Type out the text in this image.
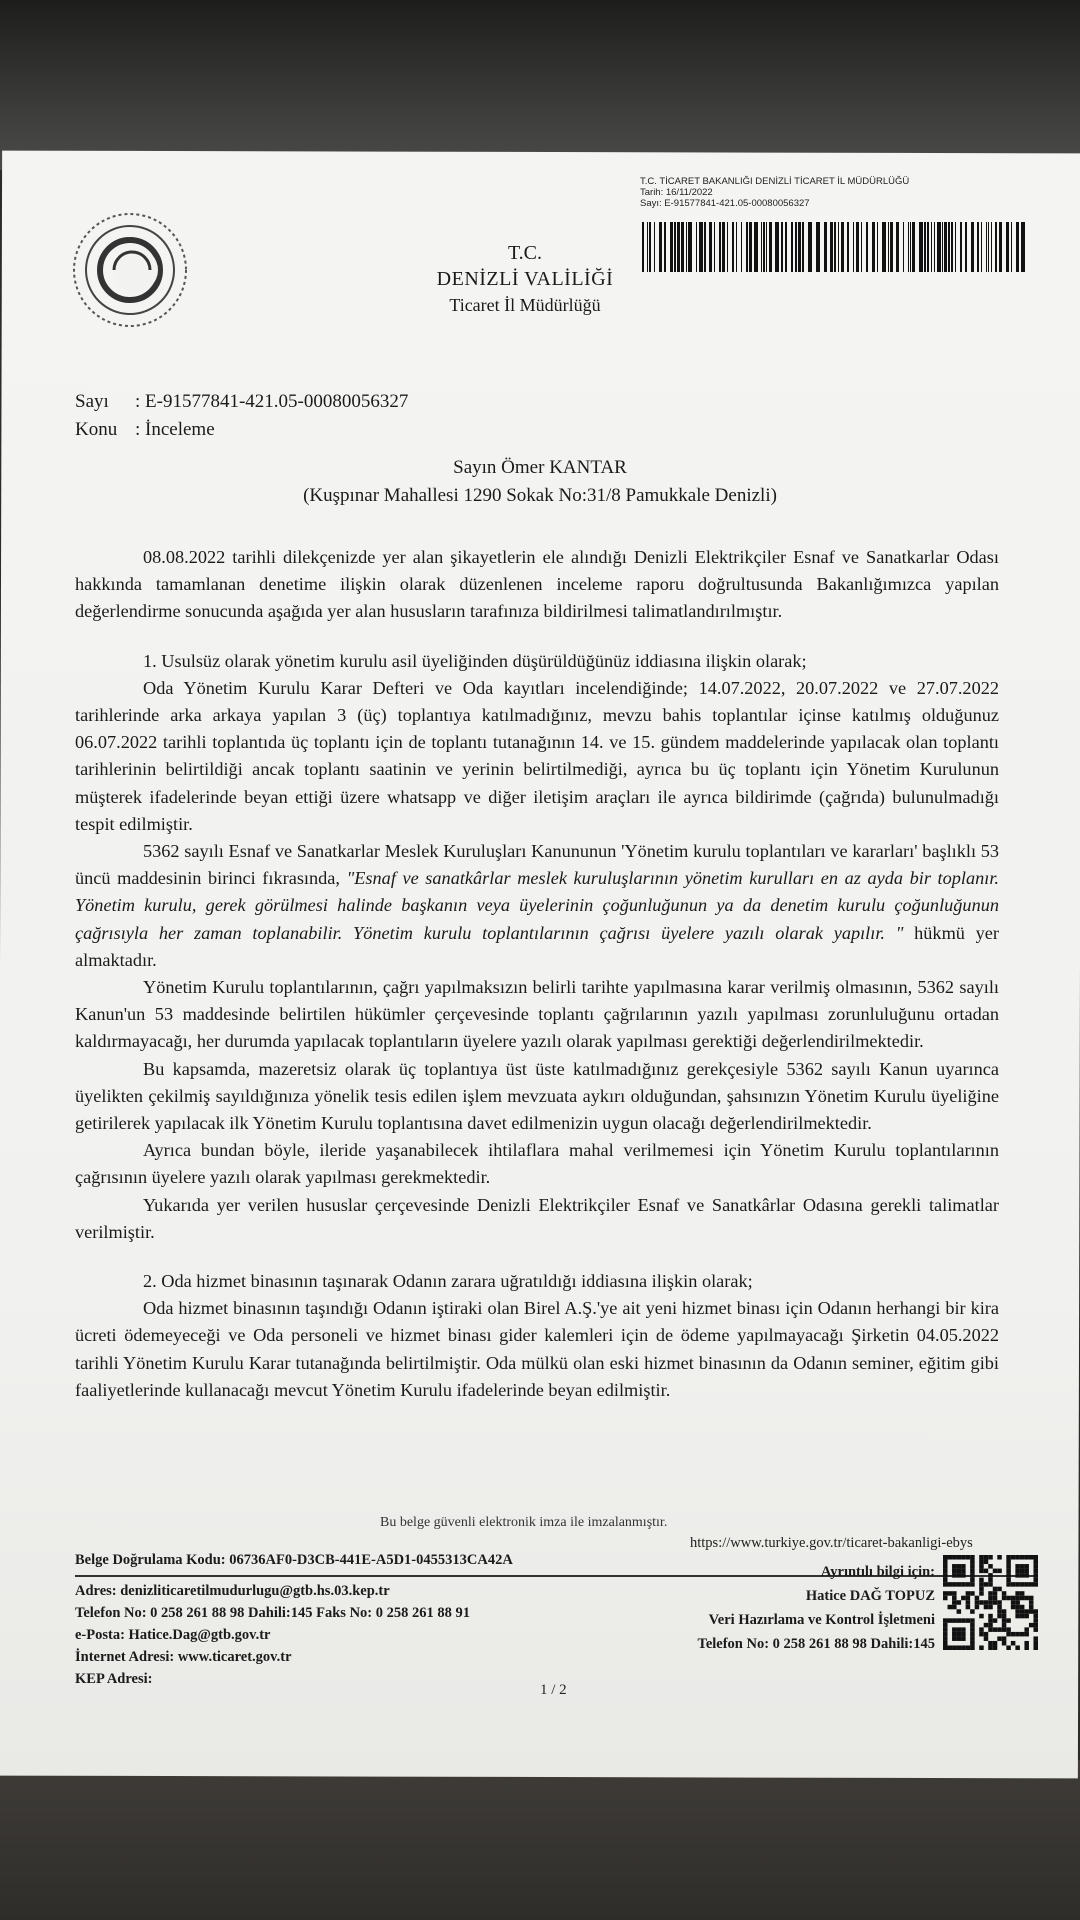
T.C. TİCARET BAKANLIĞI DENİZLİ TİCARET İL MÜDÜRLÜĞÜ
Tarih: 16/11/2022
Sayı: E-91577841-421.05-00080056327
T.C.
DENİZLİ VALİLİĞİ
Ticaret İl Müdürlüğü
Sayı : E-91577841-421.05-00080056327
Konu : İnceleme
Sayın Ömer KANTAR
(Kuşpınar Mahallesi 1290 Sokak No:31/8 Pamukkale Denizli)

08.08.2022 tarihli dilekçenizde yer alan şikayetlerin ele alındığı Denizli Elektrikçiler Esnaf ve Sanatkarlar Odası hakkında tamamlanan denetime ilişkin olarak düzenlenen inceleme raporu doğrultusunda Bakanlığımızca yapılan değerlendirme sonucunda aşağıda yer alan hususların tarafınıza bildirilmesi talimatlandırılmıştır.

1. Usulsüz olarak yönetim kurulu asil üyeliğinden düşürüldüğünüz iddiasına ilişkin olarak;

Oda Yönetim Kurulu Karar Defteri ve Oda kayıtları incelendiğinde; 14.07.2022, 20.07.2022 ve 27.07.2022 tarihlerinde arka arkaya yapılan 3 (üç) toplantıya katılmadığınız, mevzu bahis toplantılar içinse katılmış olduğunuz 06.07.2022 tarihli toplantıda üç toplantı için de toplantı tutanağının 14. ve 15. gündem maddelerinde yapılacak olan toplantı tarihlerinin belirtildiği ancak toplantı saatinin ve yerinin belirtilmediği, ayrıca bu üç toplantı için Yönetim Kurulunun müşterek ifadelerinde beyan ettiği üzere whatsapp ve diğer iletişim araçları ile ayrıca bildirimde (çağrıda) bulunulmadığı tespit edilmiştir.

5362 sayılı Esnaf ve Sanatkarlar Meslek Kuruluşları Kanununun 'Yönetim kurulu toplantıları ve kararları' başlıklı 53 üncü maddesinin birinci fıkrasında, "Esnaf ve sanatkârlar meslek kuruluşlarının yönetim kurulları en az ayda bir toplanır. Yönetim kurulu, gerek görülmesi halinde başkanın veya üyelerinin çoğunluğunun ya da denetim kurulu çoğunluğunun çağrısıyla her zaman toplanabilir. Yönetim kurulu toplantılarının çağrısı üyelere yazılı olarak yapılır. " hükmü yer almaktadır.

Yönetim Kurulu toplantılarının, çağrı yapılmaksızın belirli tarihte yapılmasına karar verilmiş olmasının, 5362 sayılı Kanun'un 53 maddesinde belirtilen hükümler çerçevesinde toplantı çağrılarının yazılı yapılması zorunluluğunu ortadan kaldırmayacağı, her durumda yapılacak toplantıların üyelere yazılı olarak yapılması gerektiği değerlendirilmektedir.

Bu kapsamda, mazeretsiz olarak üç toplantıya üst üste katılmadığınız gerekçesiyle 5362 sayılı Kanun uyarınca üyelikten çekilmiş sayıldığınıza yönelik tesis edilen işlem mevzuata aykırı olduğundan, şahsınızın Yönetim Kurulu üyeliğine getirilerek yapılacak ilk Yönetim Kurulu toplantısına davet edilmenizin uygun olacağı değerlendirilmektedir.

Ayrıca bundan böyle, ileride yaşanabilecek ihtilaflara mahal verilmemesi için Yönetim Kurulu toplantılarının çağrısının üyelere yazılı olarak yapılması gerekmektedir.

Yukarıda yer verilen hususlar çerçevesinde Denizli Elektrikçiler Esnaf ve Sanatkârlar Odasına gerekli talimatlar verilmiştir.

2. Oda hizmet binasının taşınarak Odanın zarara uğratıldığı iddiasına ilişkin olarak;

Oda hizmet binasının taşındığı Odanın iştiraki olan Birel A.Ş.'ye ait yeni hizmet binası için Odanın herhangi bir kira ücreti ödemeyeceği ve Oda personeli ve hizmet binası gider kalemleri için de ödeme yapılmayacağı Şirketin 04.05.2022 tarihli Yönetim Kurulu Karar tutanağında belirtilmiştir. Oda mülkü olan eski hizmet binasının da Odanın seminer, eğitim gibi faaliyetlerinde kullanacağı mevcut Yönetim Kurulu ifadelerinde beyan edilmiştir.

Bu belge güvenli elektronik imza ile imzalanmıştır.
https://www.turkiye.gov.tr/ticaret-bakanligi-ebys
Belge Doğrulama Kodu: 06736AF0-D3CB-441E-A5D1-0455313CA42A
Adres: denizliticaretilmudurlugu@gtb.hs.03.kep.tr
Telefon No: 0 258 261 88 98 Dahili:145 Faks No: 0 258 261 88 91
e-Posta: Hatice.Dag@gtb.gov.tr
İnternet Adresi: www.ticaret.gov.tr
KEP Adresi:
Ayrıntılı bilgi için:
Hatice DAĞ TOPUZ
Veri Hazırlama ve Kontrol İşletmeni
Telefon No: 0 258 261 88 98 Dahili:145
1 / 2
